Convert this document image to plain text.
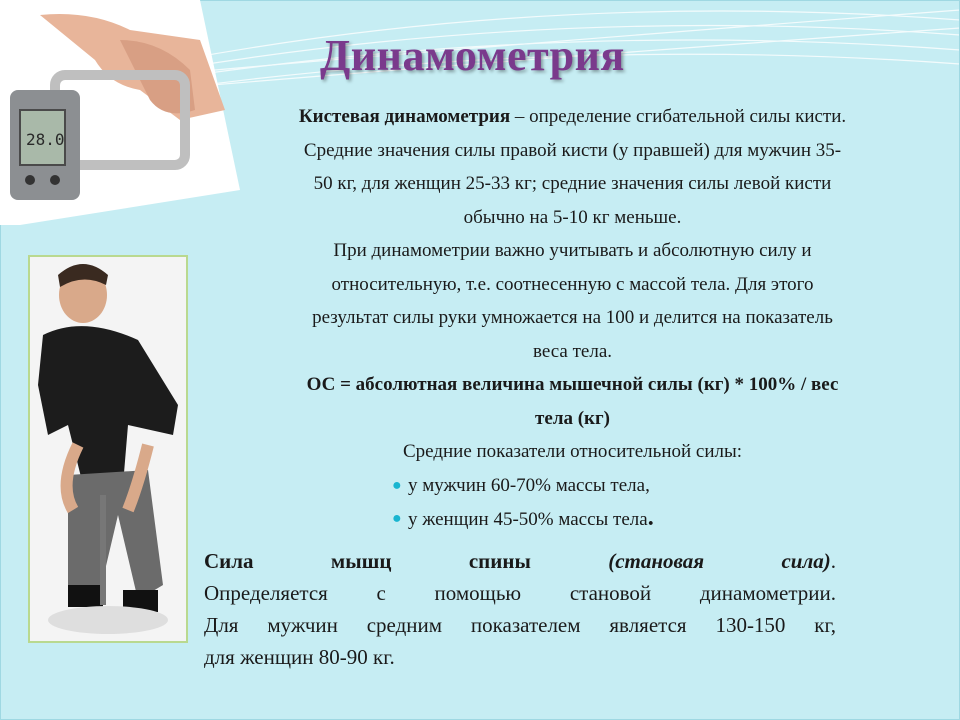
Динамометрия
28.0

Кистевая динамометрия – определение сгибательной силы кисти.

Средние значения силы правой кисти (у правшей) для мужчин 35-
50 кг, для женщин 25-33 кг; средние значения силы левой кисти
обычно на 5-10 кг меньше.

При динамометрии важно учитывать и абсолютную силу и
относительную, т.е. соотнесенную с массой тела. Для этого
результат силы руки умножается на 100 и делится на показатель
веса тела.

ОС = абсолютная величина мышечной силы (кг) * 100% / вес
тела (кг)

Средние показатели относительной силы:

● у мужчин 60-70% массы тела,
● у женщин 45-50% массы тела.

Сила	мышц	спины	(становая	сила).
Определяется с помощью становой динамометрии.
Для мужчин средним показателем является 130-150 кг,
для женщин 80-90 кг.
